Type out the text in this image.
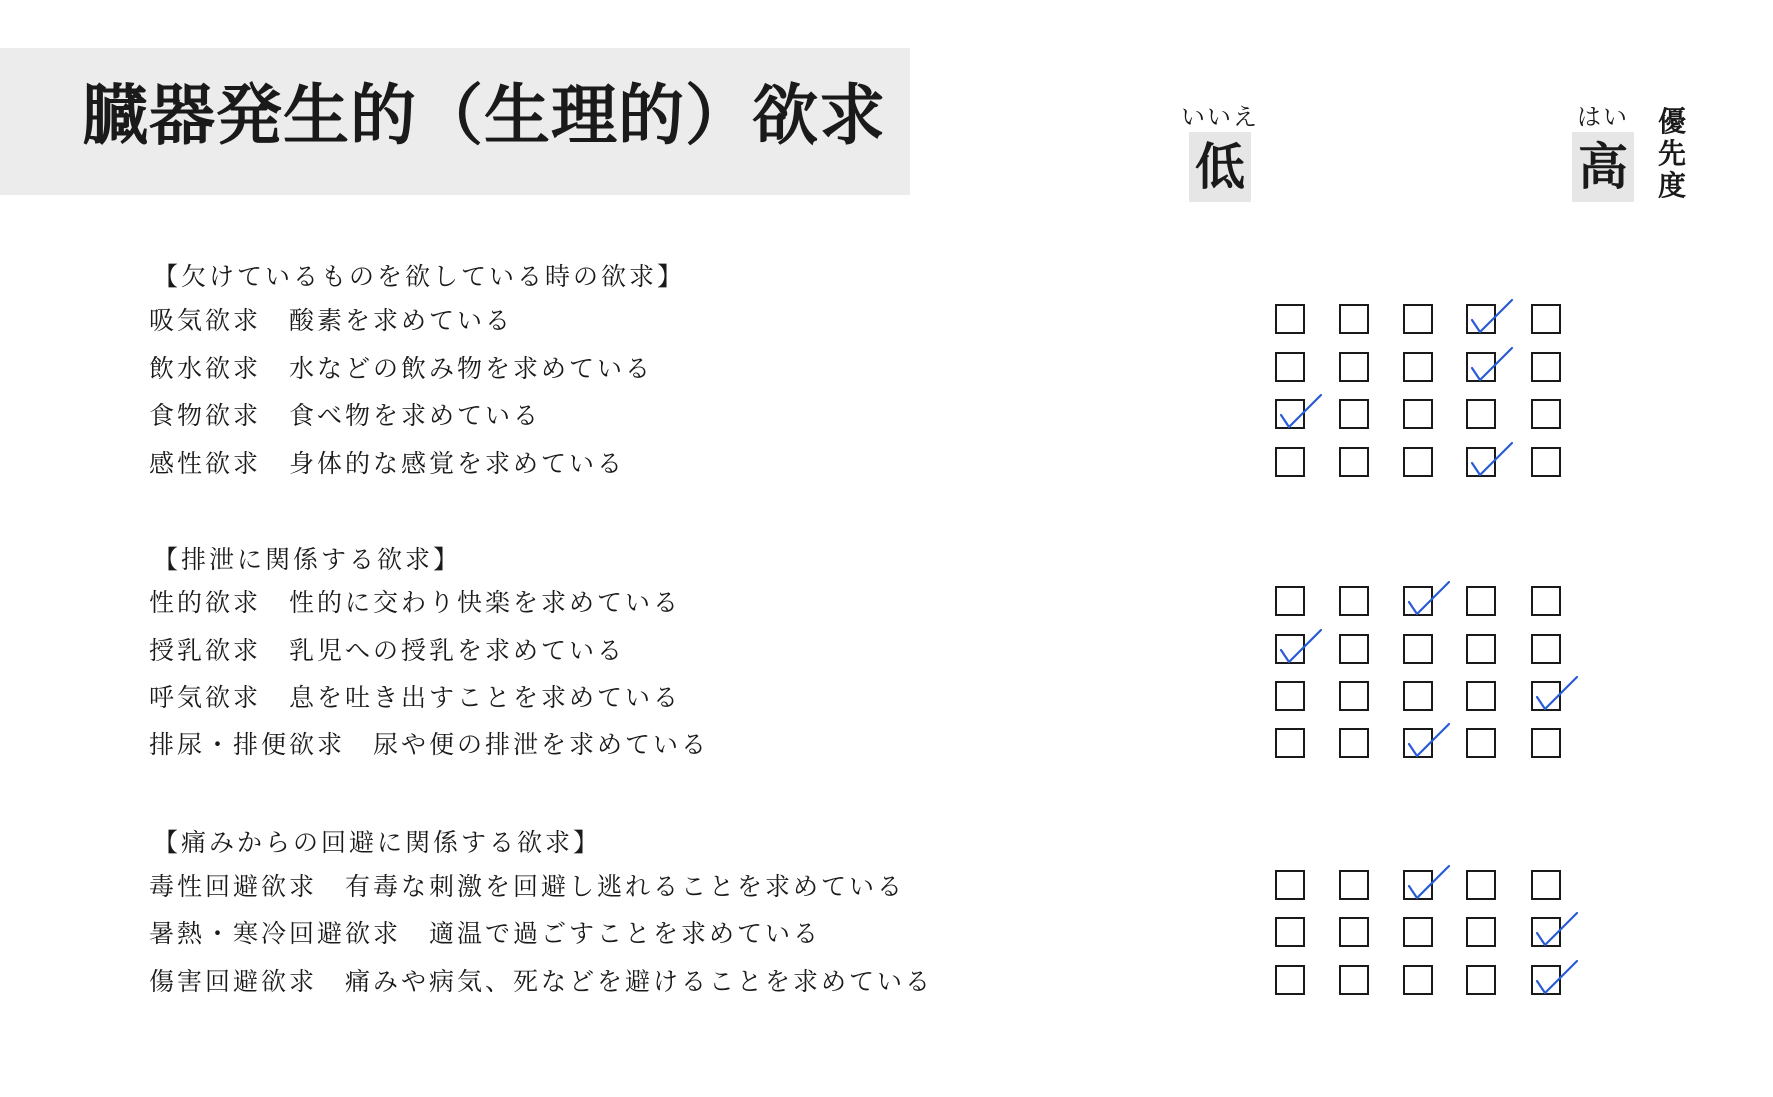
臓器発生的（生理的）欲求	いいえ
低
はい
高
優先度
【欠けているものを欲している時の欲求】
吸気欲求 酸素を求めている
飲水欲求 水などの飲み物を求めている
食物欲求 食べ物を求めている
感性欲求 身体的な感覚を求めている
【排泄に関係する欲求】
性的欲求 性的に交わり快楽を求めている
授乳欲求 乳児への授乳を求めている
呼気欲求 息を吐き出すことを求めている
排尿・排便欲求 尿や便の排泄を求めている
【痛みからの回避に関係する欲求】
毒性回避欲求 有毒な刺激を回避し逃れることを求めている
暑熱・寒冷回避欲求 適温で過ごすことを求めている
傷害回避欲求 痛みや病気、死などを避けることを求めている
